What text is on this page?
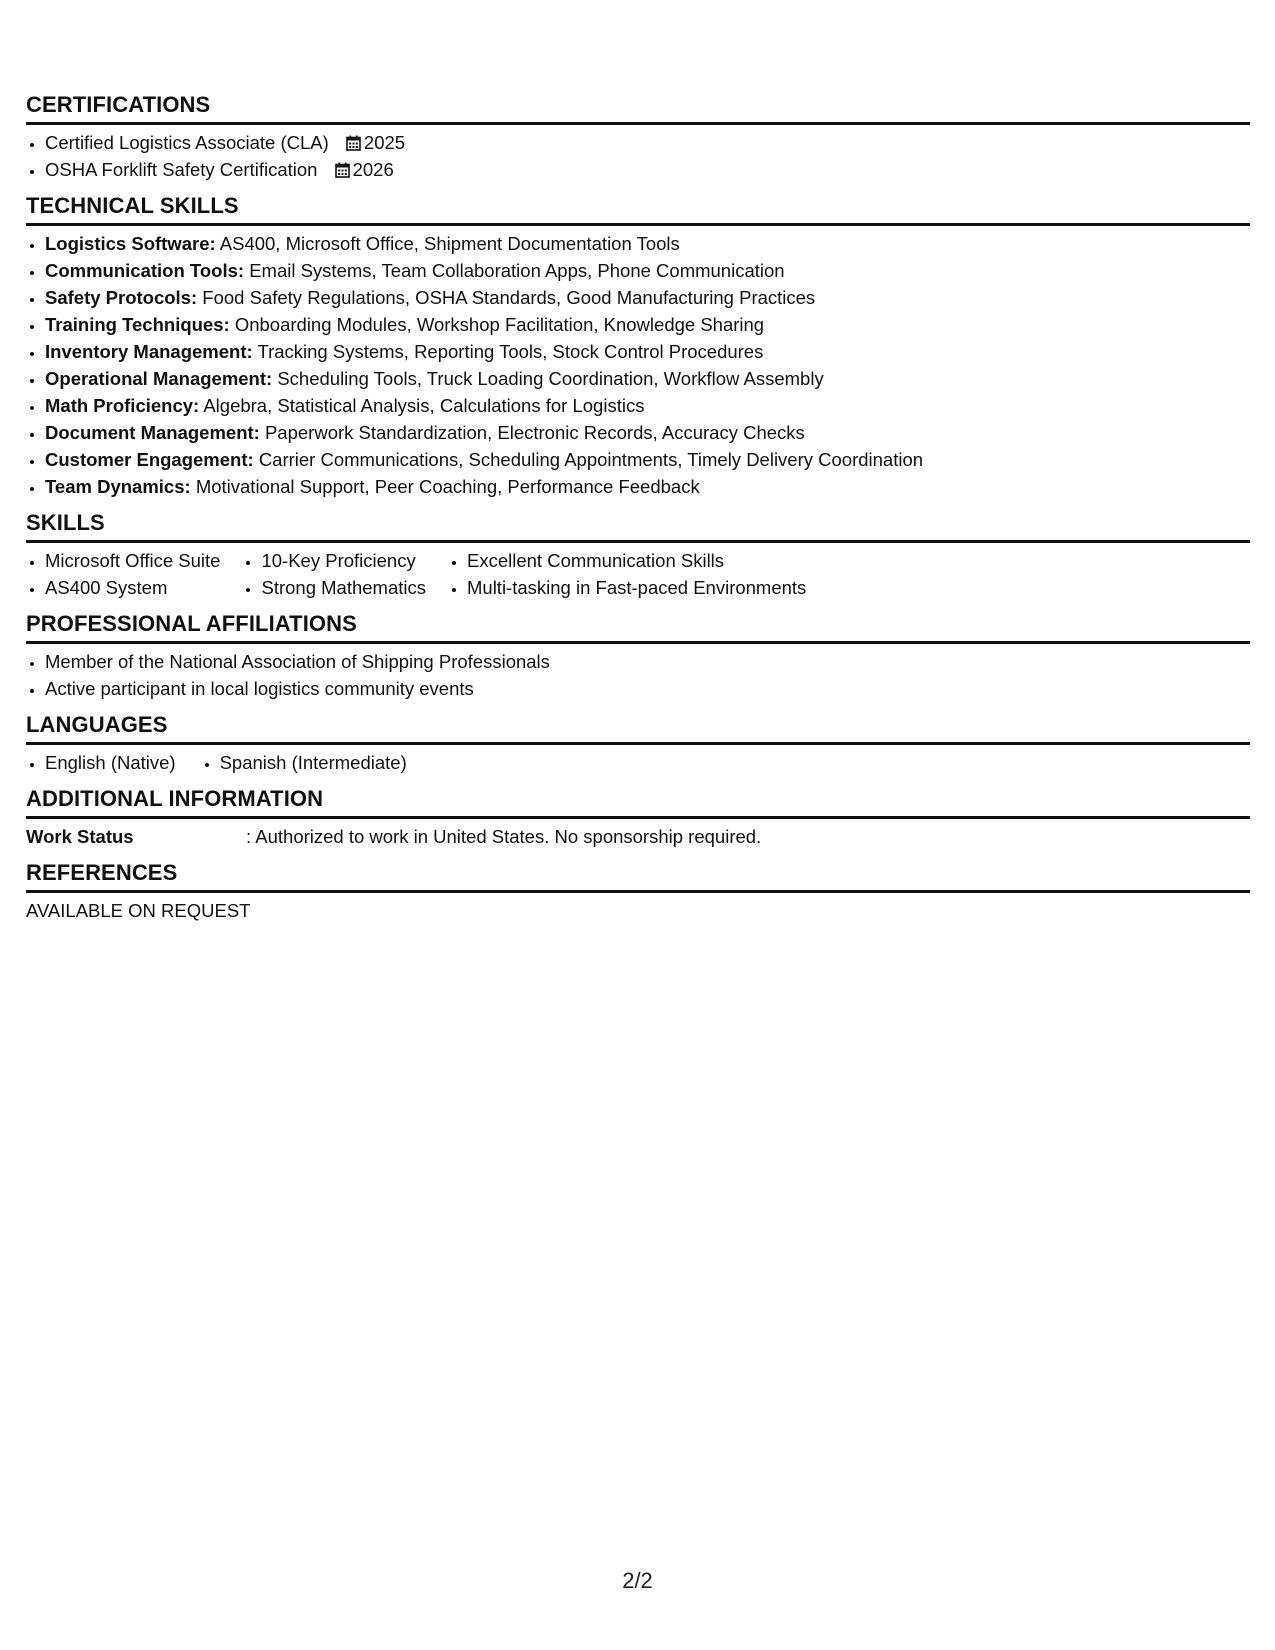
CERTIFICATIONS
• Certified Logistics Associate (CLA) 2025
• OSHA Forklift Safety Certification 2026
TECHNICAL SKILLS
• Logistics Software: AS400, Microsoft Office, Shipment Documentation Tools
• Communication Tools: Email Systems, Team Collaboration Apps, Phone Communication
• Safety Protocols: Food Safety Regulations, OSHA Standards, Good Manufacturing Practices
• Training Techniques: Onboarding Modules, Workshop Facilitation, Knowledge Sharing
• Inventory Management: Tracking Systems, Reporting Tools, Stock Control Procedures
• Operational Management: Scheduling Tools, Truck Loading Coordination, Workflow Assembly
• Math Proficiency: Algebra, Statistical Analysis, Calculations for Logistics
• Document Management: Paperwork Standardization, Electronic Records, Accuracy Checks
• Customer Engagement: Carrier Communications, Scheduling Appointments, Timely Delivery Coordination
• Team Dynamics: Motivational Support, Peer Coaching, Performance Feedback
SKILLS
• Microsoft Office Suite
• AS400 System
• 10-Key Proficiency
• Strong Mathematics
• Excellent Communication Skills
• Multi-tasking in Fast-paced Environments
PROFESSIONAL AFFILIATIONS
• Member of the National Association of Shipping Professionals
• Active participant in local logistics community events
LANGUAGES
• English (Native)
• Spanish (Intermediate)
ADDITIONAL INFORMATION
Work Status	: Authorized to work in United States. No sponsorship required.
REFERENCES
AVAILABLE ON REQUEST
2/2
